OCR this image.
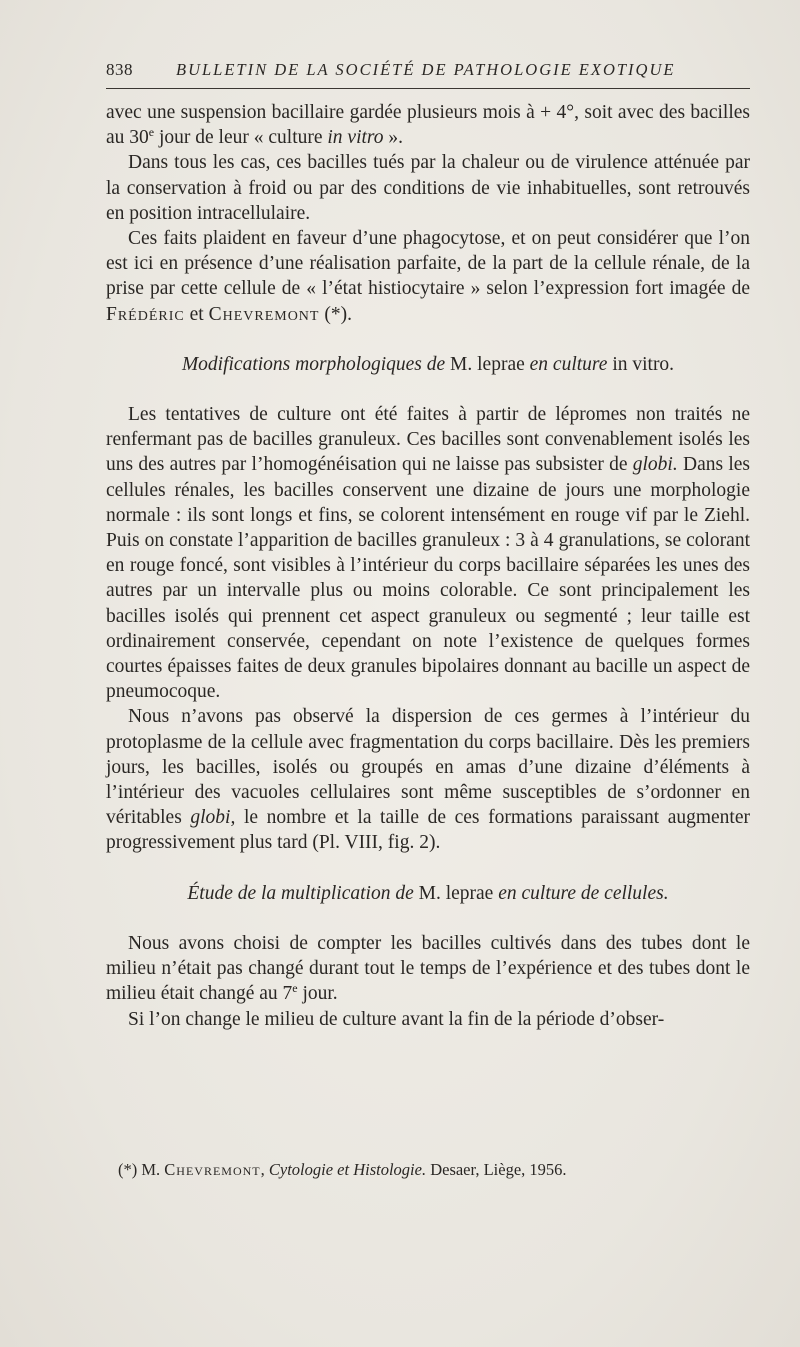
838	BULLETIN DE LA SOCIÉTÉ DE PATHOLOGIE EXOTIQUE

avec une suspension bacillaire gardée plusieurs mois à + 4°, soit avec des bacilles au 30e jour de leur « culture in vitro ».

Dans tous les cas, ces bacilles tués par la chaleur ou de virulence atténuée par la conservation à froid ou par des conditions de vie inhabituelles, sont retrouvés en position intracellulaire.

Ces faits plaident en faveur d’une phagocytose, et on peut considérer que l’on est ici en présence d’une réalisation parfaite, de la part de la cellule rénale, de la prise par cette cellule de « l’état histiocytaire » selon l’expression fort imagée de Frédéric et Chevremont (*).

Modifications morphologiques de M. leprae en culture in vitro.

Les tentatives de culture ont été faites à partir de lépromes non traités ne renfermant pas de bacilles granuleux. Ces bacilles sont convenablement isolés les uns des autres par l’homogénéisation qui ne laisse pas subsister de globi. Dans les cellules rénales, les bacilles conservent une dizaine de jours une morphologie normale : ils sont longs et fins, se colorent intensément en rouge vif par le Ziehl. Puis on constate l’apparition de bacilles granuleux : 3 à 4 granulations, se colorant en rouge foncé, sont visibles à l’intérieur du corps bacillaire séparées les unes des autres par un intervalle plus ou moins colorable. Ce sont principalement les bacilles isolés qui prennent cet aspect granuleux ou segmenté ; leur taille est ordinairement conservée, cependant on note l’existence de quelques formes courtes épaisses faites de deux granules bipolaires donnant au bacille un aspect de pneumocoque.

Nous n’avons pas observé la dispersion de ces germes à l’intérieur du protoplasme de la cellule avec fragmentation du corps bacillaire. Dès les premiers jours, les bacilles, isolés ou groupés en amas d’une dizaine d’éléments à l’intérieur des vacuoles cellulaires sont même susceptibles de s’ordonner en véritables globi, le nombre et la taille de ces formations paraissant augmenter progressivement plus tard (Pl. VIII, fig. 2).

Étude de la multiplication de M. leprae en culture de cellules.

Nous avons choisi de compter les bacilles cultivés dans des tubes dont le milieu n’était pas changé durant tout le temps de l’expérience et des tubes dont le milieu était changé au 7e jour.

Si l’on change le milieu de culture avant la fin de la période d’obser-

(*) M. Chevremont, Cytologie et Histologie. Desaer, Liège, 1956.
